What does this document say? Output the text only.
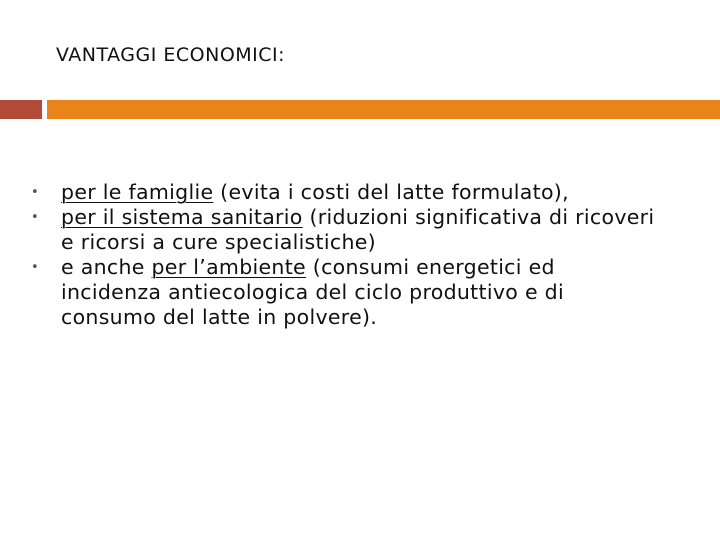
VANTAGGI ECONOMICI:
• per le famiglie (evita i costi del latte formulato),
• per il sistema sanitario (riduzioni significativa di ricoveri e ricorsi a cure specialistiche)
• e anche per l’ambiente (consumi energetici ed incidenza antiecologica del ciclo produttivo e di consumo del latte in polvere).
